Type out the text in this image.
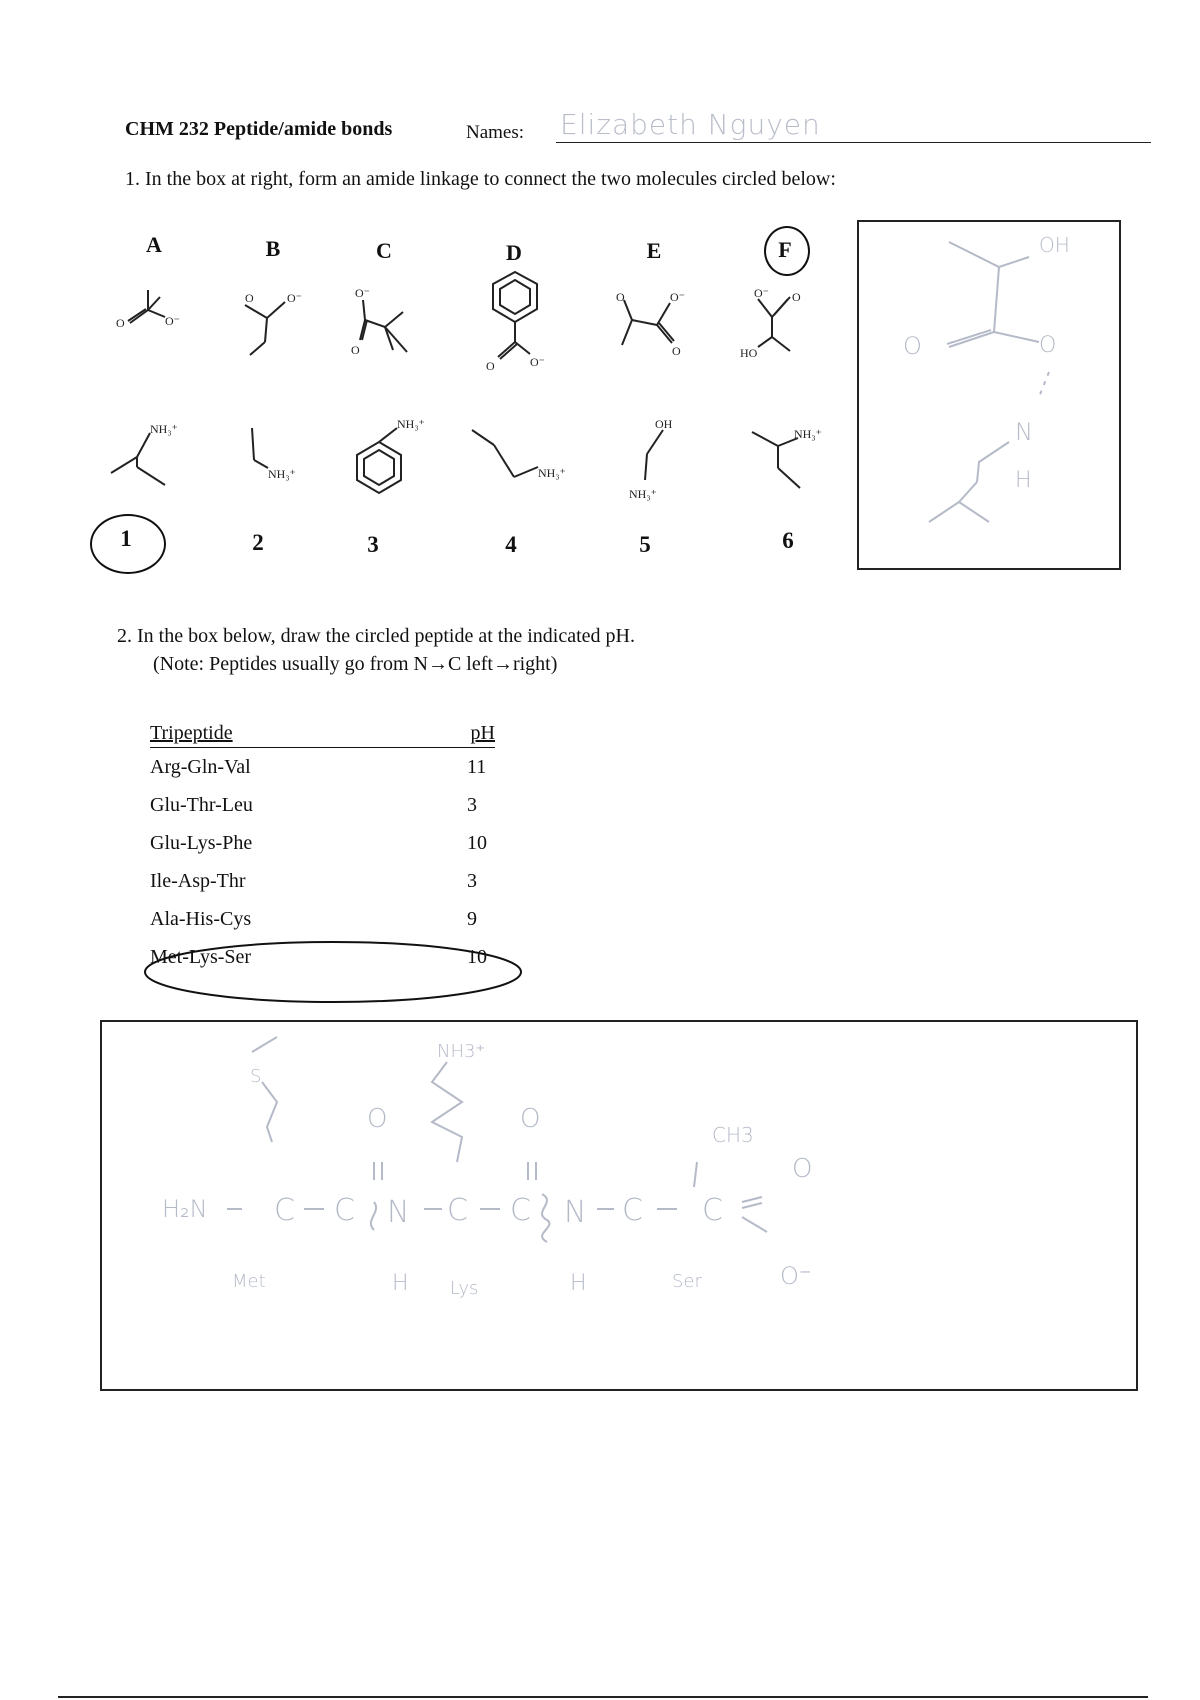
CHM 232 Peptide/amide bonds	Names: Elizabeth Nguyen
1. In the box at right, form an amide linkage to connect the two molecules circled below:
A	B	C	D	E	F
O	O⁻
O	O⁻	O⁻
O
O	O⁻
O	O⁻
O
O⁻ O
HO
NH₃⁺
NH₃⁺
NH₃⁺
NH₃⁺
OH
NH₃⁺
NH₃⁺
1	2	3	4	5	6
OH
O	O
N
H
2. In the box below, draw the circled peptide at the indicated pH.
(Note: Peptides usually go from N→C left→right)
Tripeptide	pH
Arg-Gln-Val	11
Glu-Thr-Leu	3
Glu-Lys-Phe	10
Ile-Asp-Thr	3
Ala-His-Cys	9
Met-Lys-Ser	10
S
H₂N C C
O
N
H
C
NH3⁺
C
O
N
H
C
CH3
C
O
O⁻
Met	Lys	Ser
